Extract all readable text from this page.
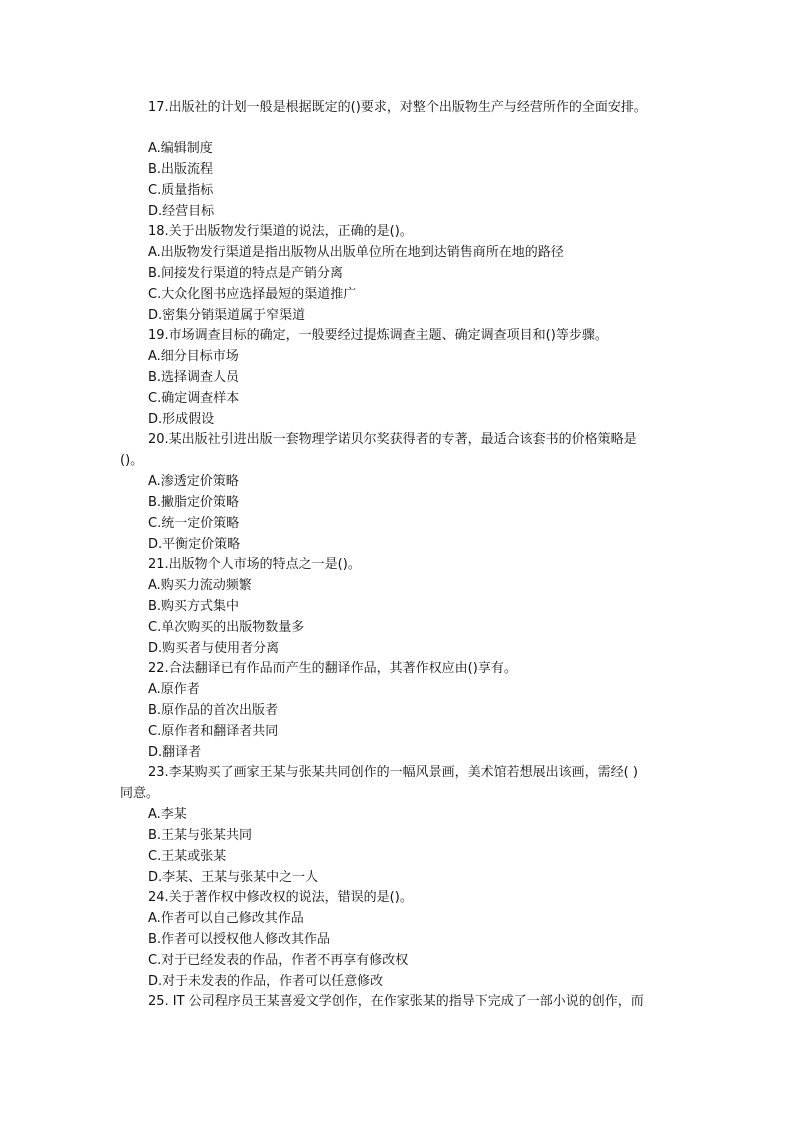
17.出版社的计划一般是根据既定的()要求，对整个出版物生产与经营所作的全面安排。
A.编辑制度
B.出版流程
C.质量指标
D.经营目标
18.关于出版物发行渠道的说法，正确的是()。
A.出版物发行渠道是指出版物从出版单位所在地到达销售商所在地的路径
B.间接发行渠道的特点是产销分离
C.大众化图书应选择最短的渠道推广
D.密集分销渠道属于窄渠道
19.市场调查目标的确定，一般要经过提炼调查主题、确定调查项目和()等步骤。
A.细分目标市场
B.选择调查人员
C.确定调查样本
D.形成假设
20.某出版社引进出版一套物理学诺贝尔奖获得者的专著，最适合该套书的价格策略是
()。
A.渗透定价策略
B.撇脂定价策略
C.统一定价策略
D.平衡定价策略
21.出版物个人市场的特点之一是()。
A.购买力流动频繁
B.购买方式集中
C.单次购买的出版物数量多
D.购买者与使用者分离
22.合法翻译已有作品而产生的翻译作品，其著作权应由()享有。
A.原作者
B.原作品的首次出版者
C.原作者和翻译者共同
D.翻译者
23.李某购买了画家王某与张某共同创作的一幅风景画，美术馆若想展出该画，需经( )
同意。
A.李某
B.王某与张某共同
C.王某或张某
D.李某、王某与张某中之一人
24.关于著作权中修改权的说法，错误的是()。
A.作者可以自己修改其作品
B.作者可以授权他人修改其作品
C.对于已经发表的作品，作者不再享有修改权
D.对于未发表的作品，作者可以任意修改
25. IT 公司程序员王某喜爱文学创作，在作家张某的指导下完成了一部小说的创作，而
